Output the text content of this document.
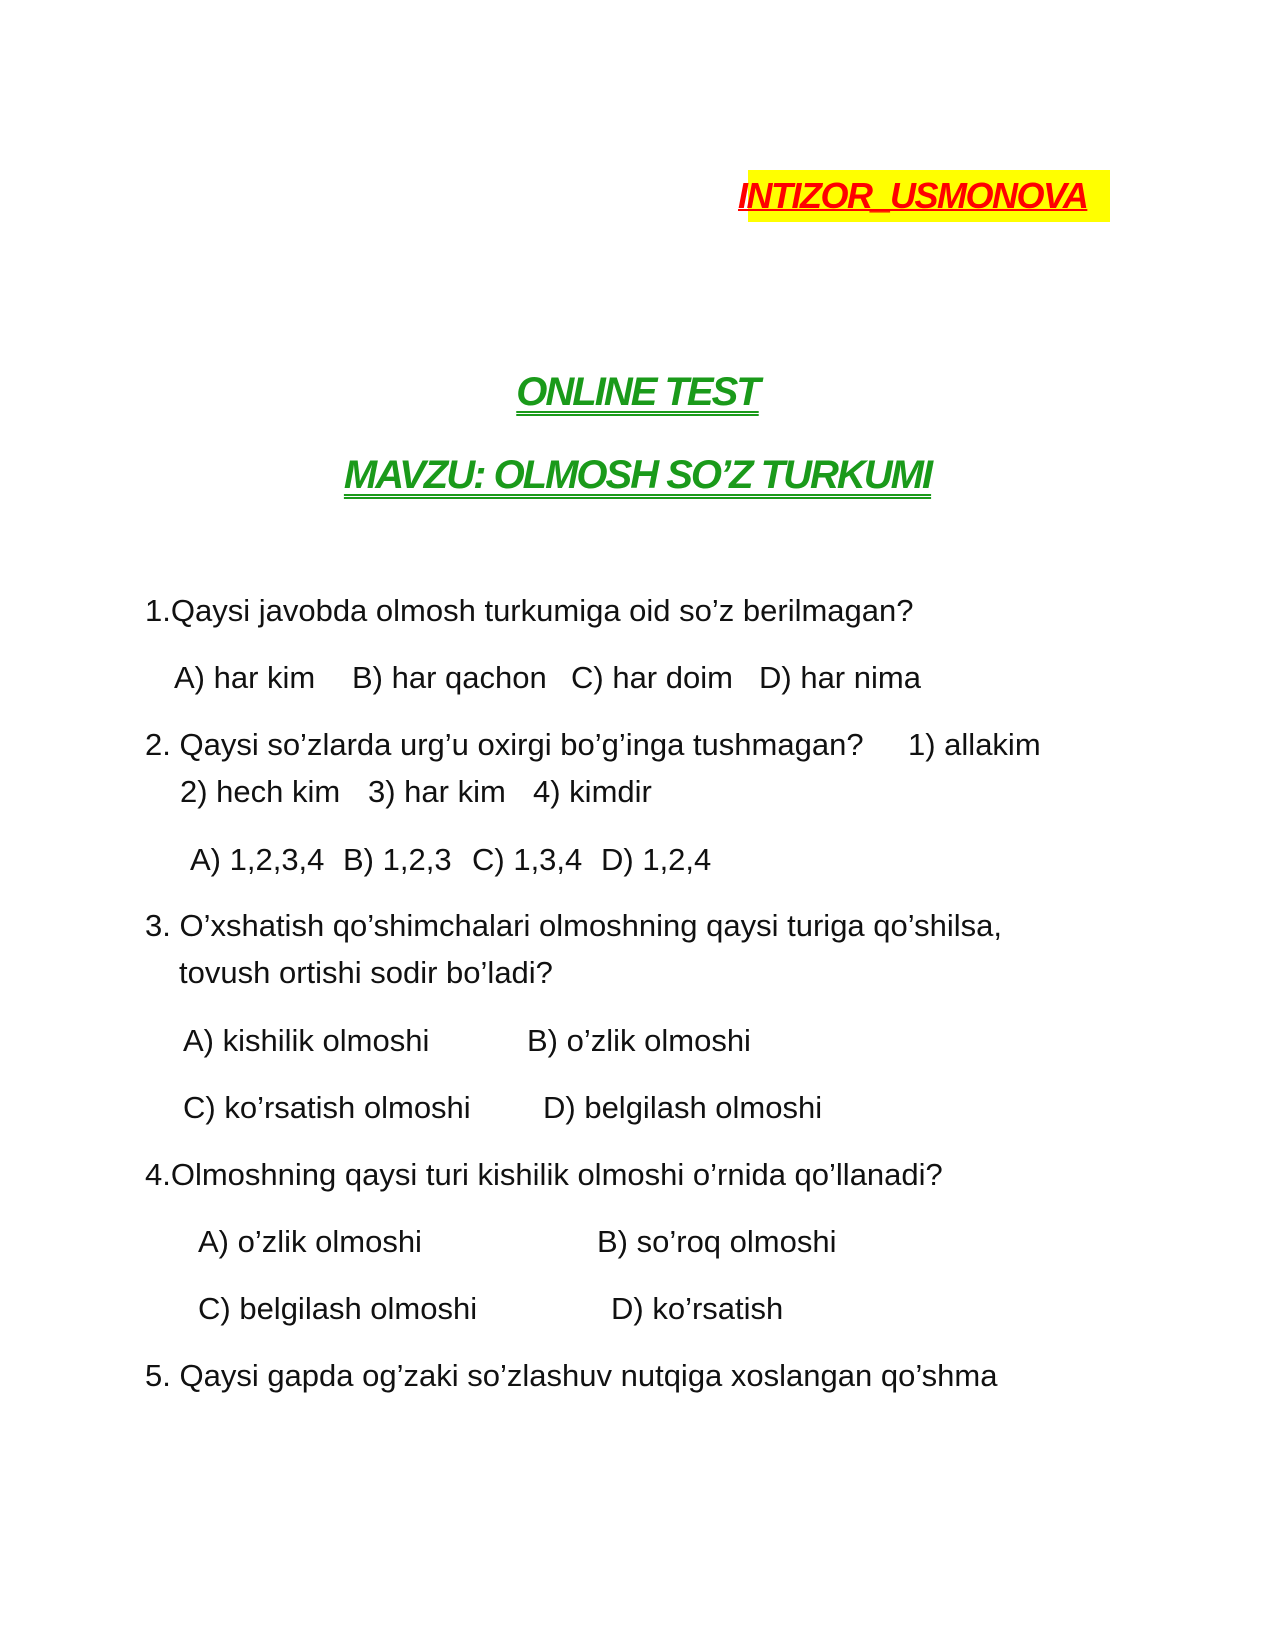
INTIZOR_USMONOVA
ONLINE TEST
MAVZU: OLMOSH SO’Z TURKUMI
1.Qaysi javobda olmosh turkumiga oid so’z berilmagan?
A) har kim B) har qachon C) har doim D) har nima
2. Qaysi so’zlarda urg’u oxirgi bo’g’inga tushmagan? 1) allakim
2) hech kim 3) har kim 4) kimdir
A) 1,2,3,4 B) 1,2,3 C) 1,3,4 D) 1,2,4
3. O’xshatish qo’shimchalari olmoshning qaysi turiga qo’shilsa,
tovush ortishi sodir bo’ladi?
A) kishilik olmoshi	B) o’zlik olmoshi
C) ko’rsatish olmoshi D) belgilash olmoshi
4.Olmoshning qaysi turi kishilik olmoshi o’rnida qo’llanadi?
A) o’zlik olmoshi	B) so’roq olmoshi
C) belgilash olmoshi	D) ko’rsatish
5. Qaysi gapda og’zaki so’zlashuv nutqiga xoslangan qo’shma
